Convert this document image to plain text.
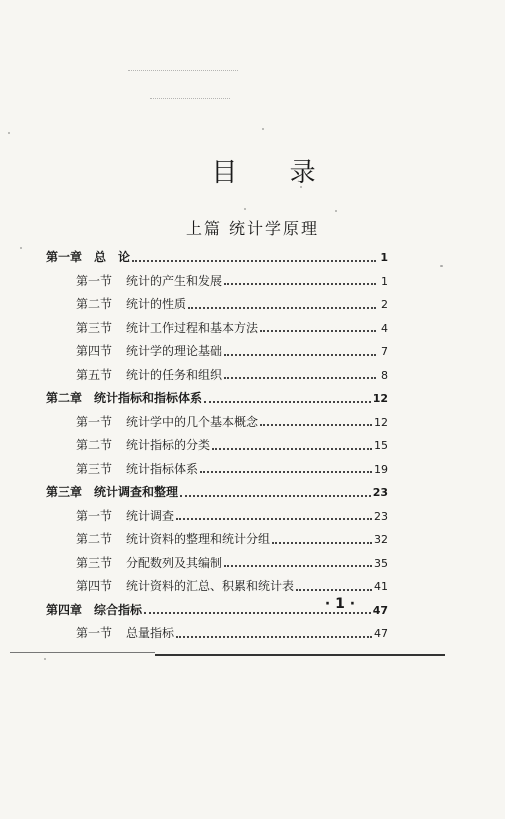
目 录
上篇 统计学原理
第一章 总　论	1
第一节 统计的产生和发展	1
第二节 统计的性质	2
第三节 统计工作过程和基本方法	4
第四节 统计学的理论基础	7
第五节 统计的任务和组织	8
第二章 统计指标和指标体系	12
第一节 统计学中的几个基本概念	12
第二节 统计指标的分类	15
第三节 统计指标体系	19
第三章 统计调查和整理	23
第一节 统计调查	23
第二节 统计资料的整理和统计分组	32
第三节 分配数列及其编制	35
第四节 统计资料的汇总、积累和统计表	41
第四章 综合指标	47
第一节 总量指标	47
· 1 ·
